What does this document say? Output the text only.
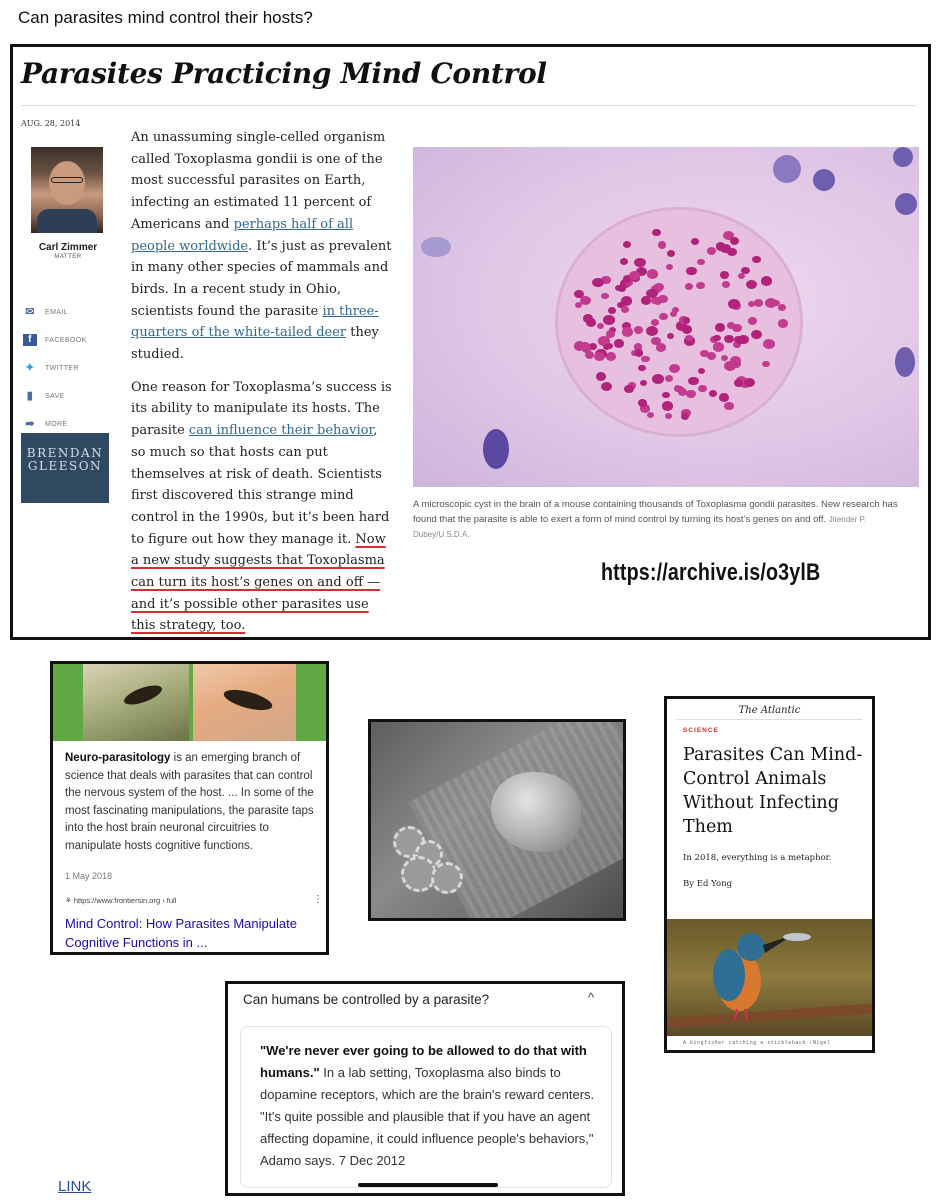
Can parasites mind control their hosts?
Parasites Practicing Mind Control
AUG. 28, 2014
Carl Zimmer
MATTER
✉	EMAIL
f	FACEBOOK
✦	TWITTER
▮	SAVE
➦	MORE
BRENDAN GLEESON

An unassuming single-celled organism called Toxoplasma gondii is one of the most successful parasites on Earth, infecting an estimated 11 percent of Americans and perhaps half of all people worldwide. It’s just as prevalent in many other species of mammals and birds. In a recent study in Ohio, scientists found the parasite in three-quarters of the white-tailed deer they studied.

One reason for Toxoplasma’s success is its ability to manipulate its hosts. The parasite can influence their behavior, so much so that hosts can put themselves at risk of death. Scientists first discovered this strange mind control in the 1990s, but it’s been hard to figure out how they manage it. Now a new study suggests that Toxoplasma can turn its host’s genes on and off — and it’s possible other parasites use this strategy, too.

A microscopic cyst in the brain of a mouse containing thousands of Toxoplasma gondii parasites. New research has found that the parasite is able to exert a form of mind control by turning its host’s genes on and off. Jitender P. Dubey/U.S.D.A.
https://archive.is/o3ylB
Neuro-parasitology is an emerging branch of science that deals with parasites that can control the nervous system of the host. ... In some of the most fascinating manipulations, the parasite taps into the host brain neuronal circuitries to manipulate hosts cognitive functions.
1 May 2018
⚘ https://www.frontiersin.org › full	⋮
Mind Control: How Parasites Manipulate Cognitive Functions in ...
The Atlantic
SCIENCE
Parasites Can Mind-Control Animals Without Infecting Them
In 2018, everything is a metaphor.
By Ed Yong
A kingfisher catching a stickleback (Nigel
Can humans be controlled by a parasite?	^
"We're never ever going to be allowed to do that with humans." In a lab setting, Toxoplasma also binds to dopamine receptors, which are the brain's reward centers. "It's quite possible and plausible that if you have an agent affecting dopamine, it could influence people's behaviors," Adamo says. 7 Dec 2012
LINK
